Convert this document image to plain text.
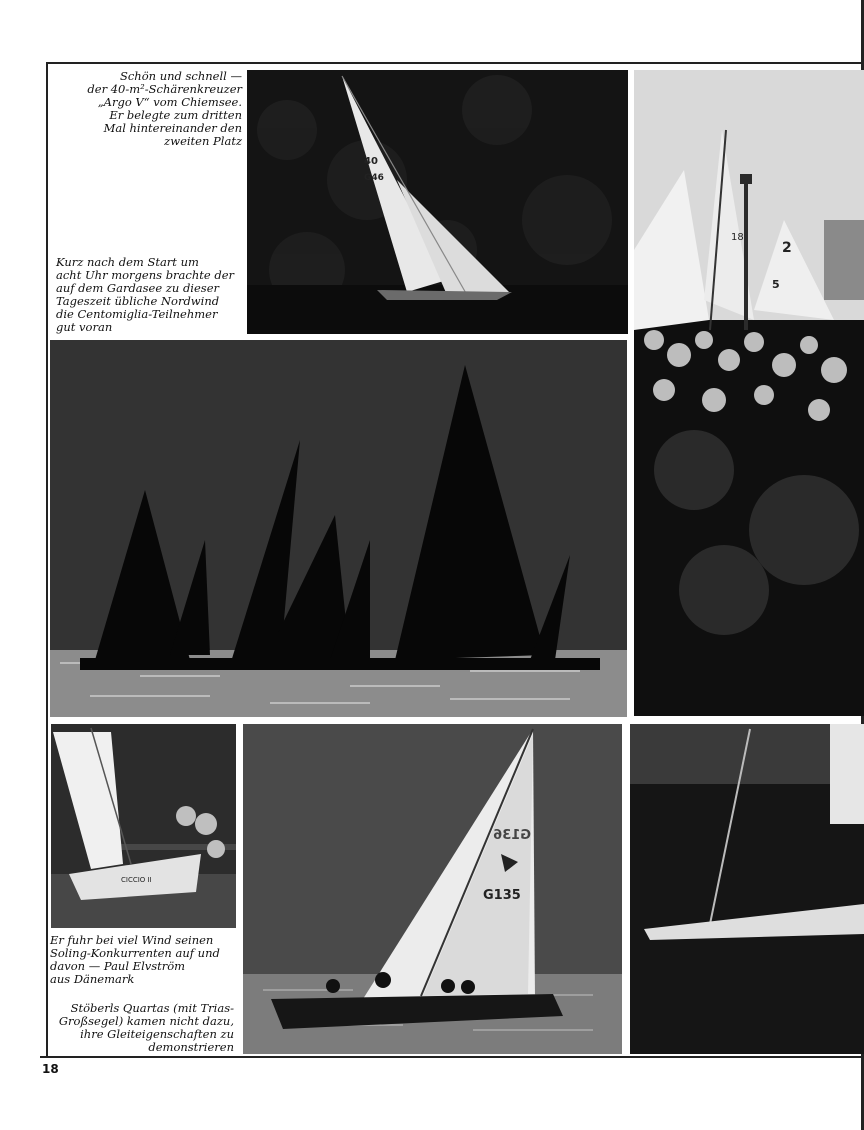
Schön und schnell —
der 40-m²-Schärenkreuzer
„Argo V“ vom Chiemsee.
Er belegte zum dritten
Mal hintereinander den
zweiten Platz
Kurz nach dem Start um
acht Uhr morgens brachte der
auf dem Gardasee zu dieser
Tageszeit übliche Nordwind
die Centomiglia-Teilnehmer
gut voran
40
G46
18
2
5
CICCIO II
Er fuhr bei viel Wind seinen
Soling-Konkurrenten auf und
davon — Paul Elvström
aus Dänemark
Stöberls Quartas (mit Trias-
Großsegel) kamen nicht dazu,
ihre Gleiteigenschaften zu
demonstrieren
G136
G135
18
